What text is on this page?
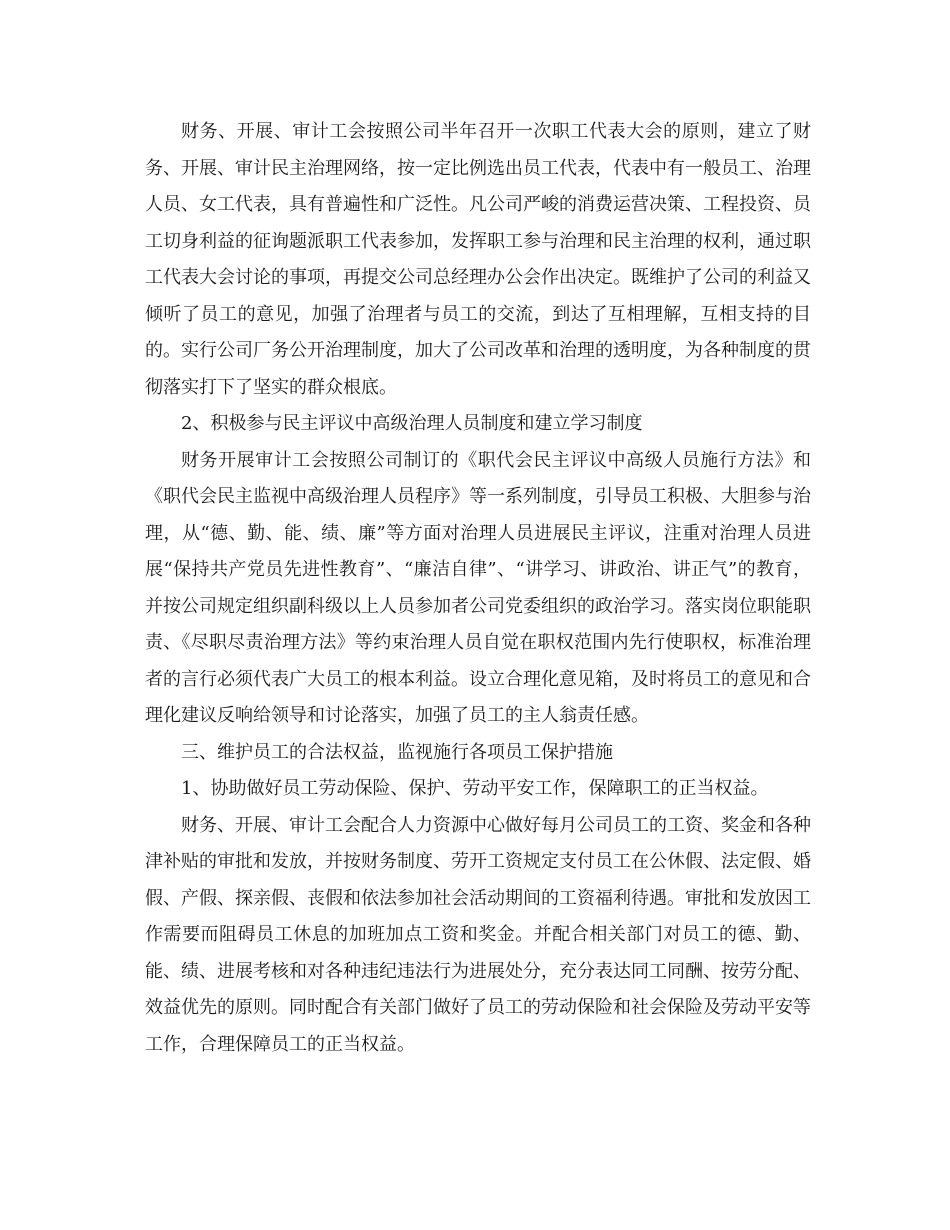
财务、开展、审计工会按照公司半年召开一次职工代表大会的原则，建立了财务、开展、审计民主治理网络，按一定比例选出员工代表，代表中有一般员工、治理人员、女工代表，具有普遍性和广泛性。凡公司严峻的消费运营决策、工程投资、员工切身利益的征询题派职工代表参加，发挥职工参与治理和民主治理的权利，通过职工代表大会讨论的事项，再提交公司总经理办公会作出决定。既维护了公司的利益又倾听了员工的意见，加强了治理者与员工的交流，到达了互相理解，互相支持的目的。实行公司厂务公开治理制度，加大了公司改革和治理的透明度，为各种制度的贯彻落实打下了坚实的群众根底。

2、积极参与民主评议中高级治理人员制度和建立学习制度

财务开展审计工会按照公司制订的《职代会民主评议中高级人员施行方法》和《职代会民主监视中高级治理人员程序》等一系列制度，引导员工积极、大胆参与治理，从“德、勤、能、绩、廉”等方面对治理人员进展民主评议，注重对治理人员进展“保持共产党员先进性教育”、“廉洁自律”、“讲学习、讲政治、讲正气”的教育，并按公司规定组织副科级以上人员参加者公司党委组织的政治学习。落实岗位职能职责、《尽职尽责治理方法》等约束治理人员自觉在职权范围内先行使职权，标准治理者的言行必须代表广大员工的根本利益。设立合理化意见箱，及时将员工的意见和合理化建议反响给领导和讨论落实，加强了员工的主人翁责任感。

三、维护员工的合法权益，监视施行各项员工保护措施

1、协助做好员工劳动保险、保护、劳动平安工作，保障职工的正当权益。

财务、开展、审计工会配合人力资源中心做好每月公司员工的工资、奖金和各种津补贴的审批和发放，并按财务制度、劳开工资规定支付员工在公休假、法定假、婚假、产假、探亲假、丧假和依法参加社会活动期间的工资福利待遇。审批和发放因工作需要而阻碍员工休息的加班加点工资和奖金。并配合相关部门对员工的德、勤、能、绩、进展考核和对各种违纪违法行为进展处分，充分表达同工同酬、按劳分配、效益优先的原则。同时配合有关部门做好了员工的劳动保险和社会保险及劳动平安等工作，合理保障员工的正当权益。
